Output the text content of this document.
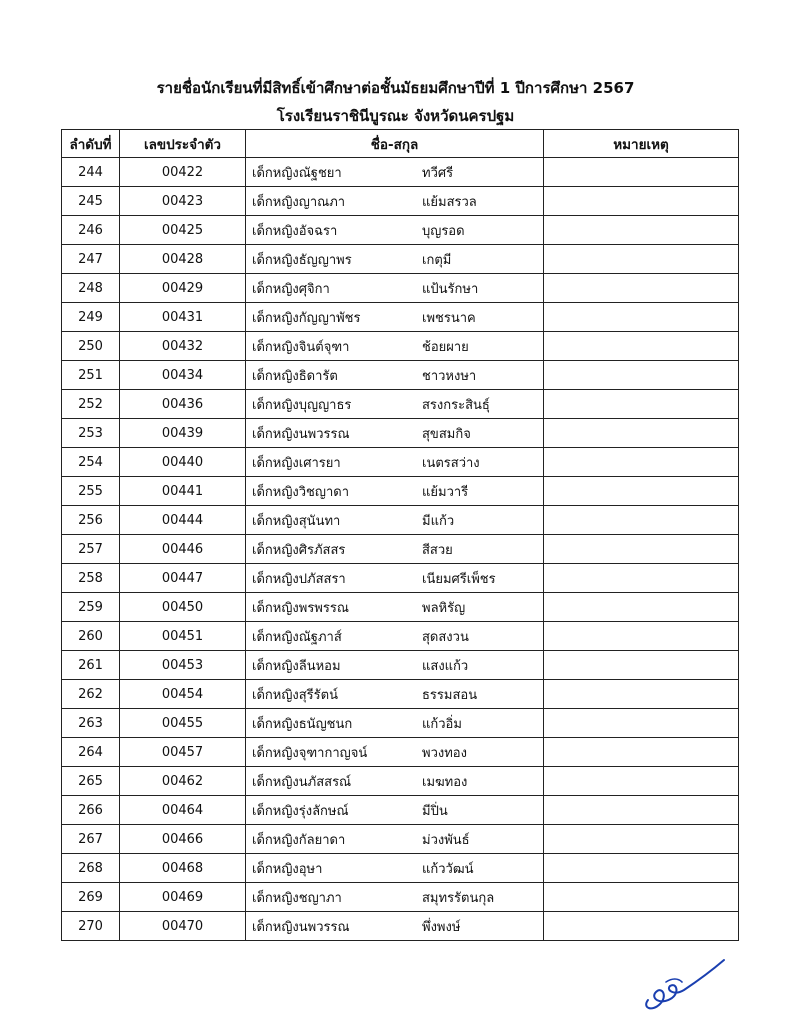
รายชื่อนักเรียนที่มีสิทธิ์เข้าศึกษาต่อชั้นมัธยมศึกษาปีที่ 1 ปีการศึกษา 2567
โรงเรียนราชินีบูรณะ จังหวัดนครปฐม
ลำดับที่	เลขประจำตัว	ชื่อ-สกุล	หมายเหตุ
244	00422	เด็กหญิงณัฐชยา ทวีศรี	

245	00423	เด็กหญิงญาณภา แย้มสรวล	

246	00425	เด็กหญิงอัจฉรา บุญรอด	

247	00428	เด็กหญิงธัญญาพร เกตุมี	

248	00429	เด็กหญิงศุจิกา แป้นรักษา	

249	00431	เด็กหญิงกัญญาพัชร เพชรนาค	

250	00432	เด็กหญิงจินต์จุฑา ช้อยผาย	

251	00434	เด็กหญิงธิดารัต ชาวหงษา	

252	00436	เด็กหญิงบุญญาธร สรงกระสินธุ์	

253	00439	เด็กหญิงนพวรรณ สุขสมกิจ	

254	00440	เด็กหญิงเศารยา เนตรสว่าง	

255	00441	เด็กหญิงวิชญาดา แย้มวารี	

256	00444	เด็กหญิงสุนันทา มีแก้ว	

257	00446	เด็กหญิงศิรภัสสร สีสวย	

258	00447	เด็กหญิงปภัสสรา เนียมศรีเพ็ชร	

259	00450	เด็กหญิงพรพรรณ พลหิรัญ	

260	00451	เด็กหญิงณัฐภาส์ สุดสงวน	

261	00453	เด็กหญิงลีนหอม แสงแก้ว	

262	00454	เด็กหญิงสุรีรัตน์ ธรรมสอน	

263	00455	เด็กหญิงธนัญชนก แก้วอิ่ม	

264	00457	เด็กหญิงจุฑากาญจน์ พวงทอง	

265	00462	เด็กหญิงนภัสสรณ์ เมฆทอง	

266	00464	เด็กหญิงรุ่งลักษณ์ มีปิ่น	

267	00466	เด็กหญิงกัลยาดา ม่วงพันธ์	

268	00468	เด็กหญิงอุษา แก้ววัฒน์	

269	00469	เด็กหญิงชญาภา สมุทรรัตนกุล	

270	00470	เด็กหญิงนพวรรณ พึ่งพงษ์	
